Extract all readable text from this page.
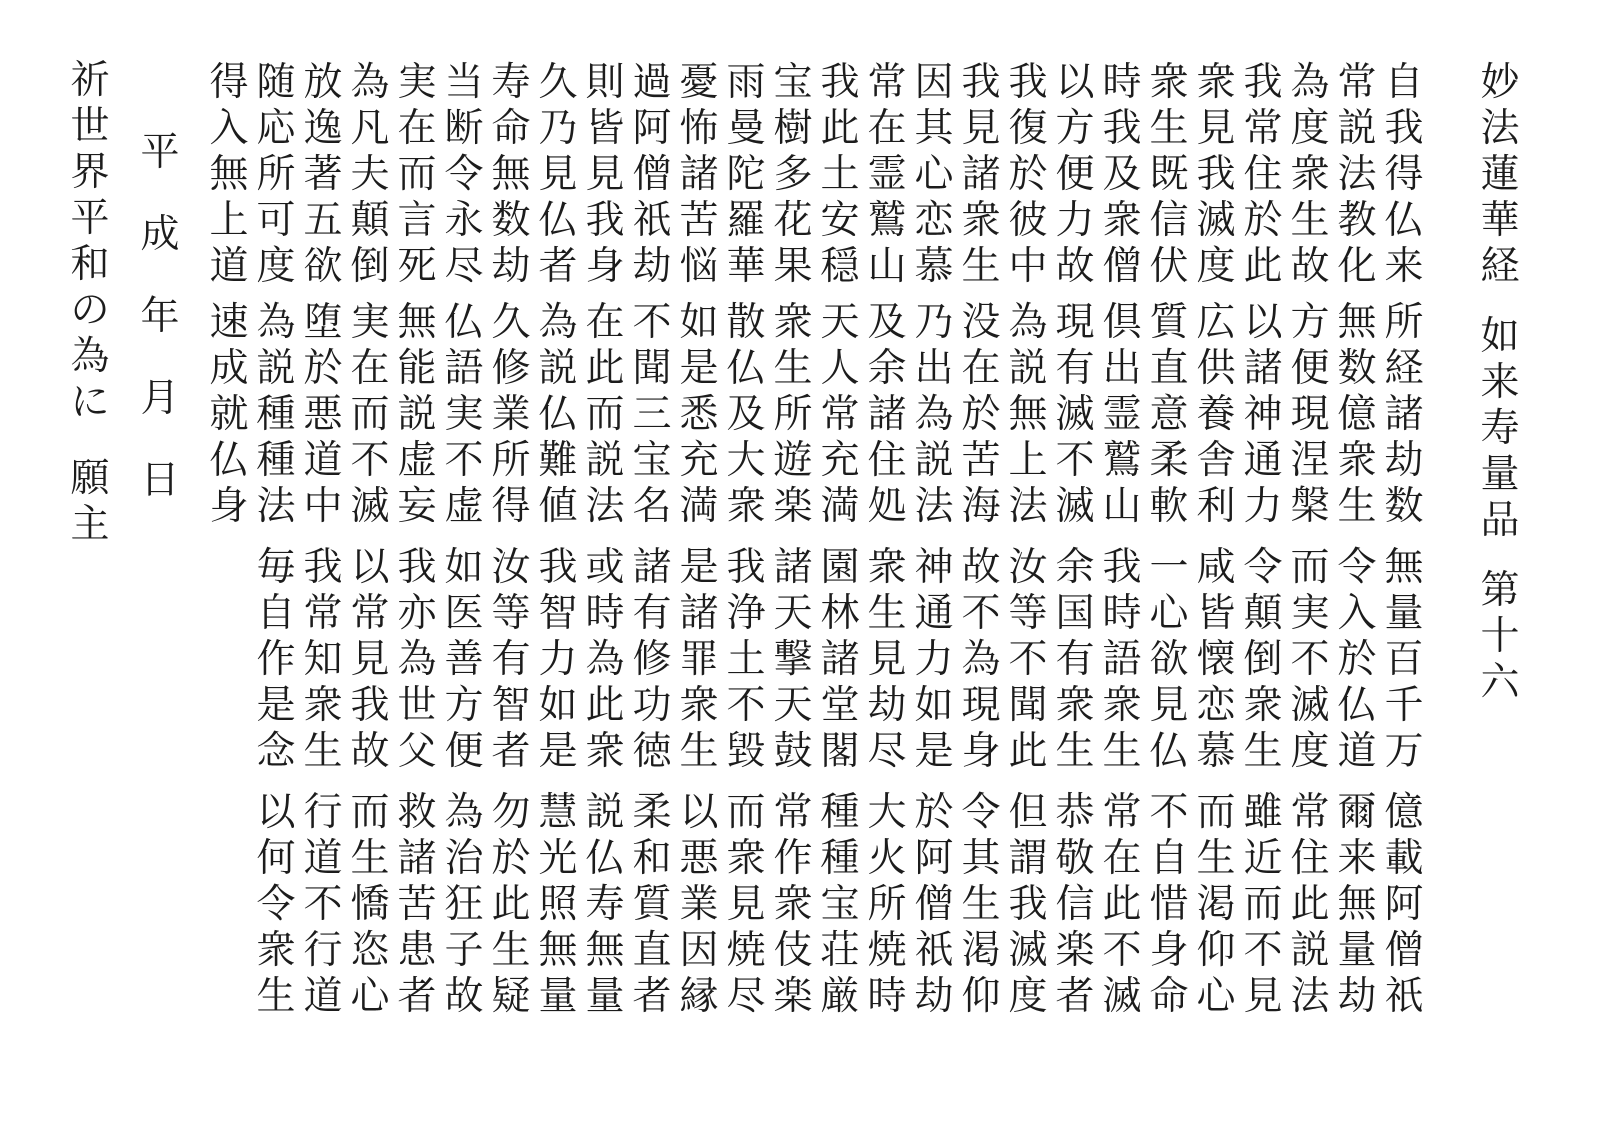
妙
法
蓮
華
経
如
来
寿
量
品
第
十
六
自
我
得
仏
来
常
説
法
教
化
為
度
衆
生
故
我
常
住
於
此
衆
見
我
滅
度
衆
生
既
信
伏
時
我
及
衆
僧
以
方
便
力
故
我
復
於
彼
中
我
見
諸
衆
生
因
其
心
恋
慕
常
在
霊
鷲
山
我
此
土
安
穏
宝
樹
多
花
果
雨
曼
陀
羅
華
憂
怖
諸
苦
悩
過
阿
僧
祇
劫
則
皆
見
我
身
久
乃
見
仏
者
寿
命
無
数
劫
当
断
令
永
尽
実
在
而
言
死
為
凡
夫
顛
倒
放
逸
著
五
欲
随
応
所
可
度
得
入
無
上
道
所
経
諸
劫
数
無
数
億
衆
生
方
便
現
涅
槃
以
諸
神
通
力
広
供
養
舎
利
質
直
意
柔
軟
倶
出
霊
鷲
山
現
有
滅
不
滅
為
説
無
上
法
没
在
於
苦
海
乃
出
為
説
法
及
余
諸
住
処
天
人
常
充
満
衆
生
所
遊
楽
散
仏
及
大
衆
如
是
悉
充
満
不
聞
三
宝
名
在
此
而
説
法
為
説
仏
難
値
久
修
業
所
得
仏
語
実
不
虚
無
能
説
虚
妄
実
在
而
不
滅
堕
於
悪
道
中
為
説
種
種
法
速
成
就
仏
身
無
量
百
千
万
令
入
於
仏
道
而
実
不
滅
度
令
顛
倒
衆
生
咸
皆
懐
恋
慕
一
心
欲
見
仏
我
時
語
衆
生
余
国
有
衆
生
汝
等
不
聞
此
故
不
為
現
身
神
通
力
如
是
衆
生
見
劫
尽
園
林
諸
堂
閣
諸
天
撃
天
鼓
我
浄
土
不
毀
是
諸
罪
衆
生
諸
有
修
功
徳
或
時
為
此
衆
我
智
力
如
是
汝
等
有
智
者
如
医
善
方
便
我
亦
為
世
父
以
常
見
我
故
我
常
知
衆
生
毎
自
作
是
念
億
載
阿
僧
祇
爾
来
無
量
劫
常
住
此
説
法
雖
近
而
不
見
而
生
渇
仰
心
不
自
惜
身
命
常
在
此
不
滅
恭
敬
信
楽
者
但
謂
我
滅
度
令
其
生
渇
仰
於
阿
僧
祇
劫
大
火
所
焼
時
種
種
宝
荘
厳
常
作
衆
伎
楽
而
衆
見
焼
尽
以
悪
業
因
縁
柔
和
質
直
者
説
仏
寿
無
量
慧
光
照
無
量
勿
於
此
生
疑
為
治
狂
子
故
救
諸
苦
患
者
而
生
憍
恣
心
行
道
不
行
道
以
何
令
衆
生
平
成
年
月
日
祈
世
界
平
和
の
為
に
願
主
